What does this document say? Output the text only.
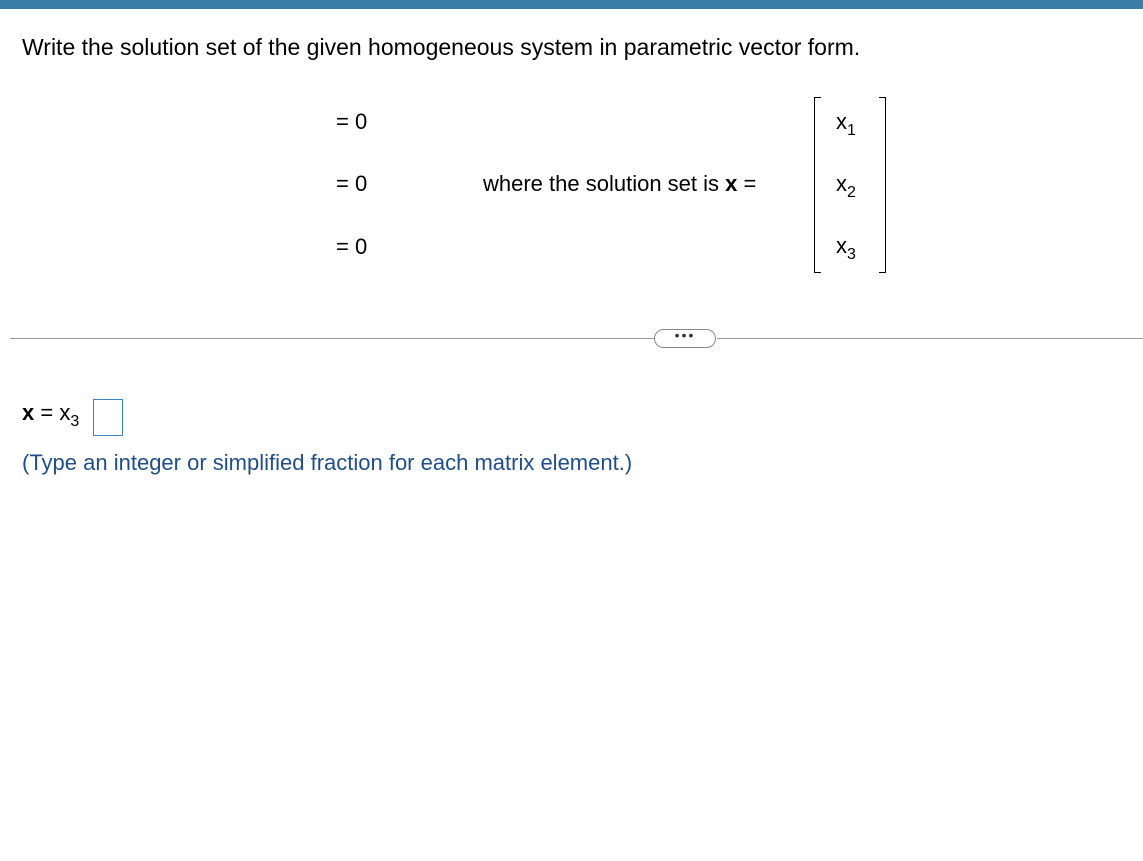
Write the solution set of the given homogeneous system in parametric vector form.
= 0
= 0
= 0
where the solution set is x =
$x_1$
$x_2$
$x_3$
•••
$x = x_3$
(Type an integer or simplified fraction for each matrix element.)
